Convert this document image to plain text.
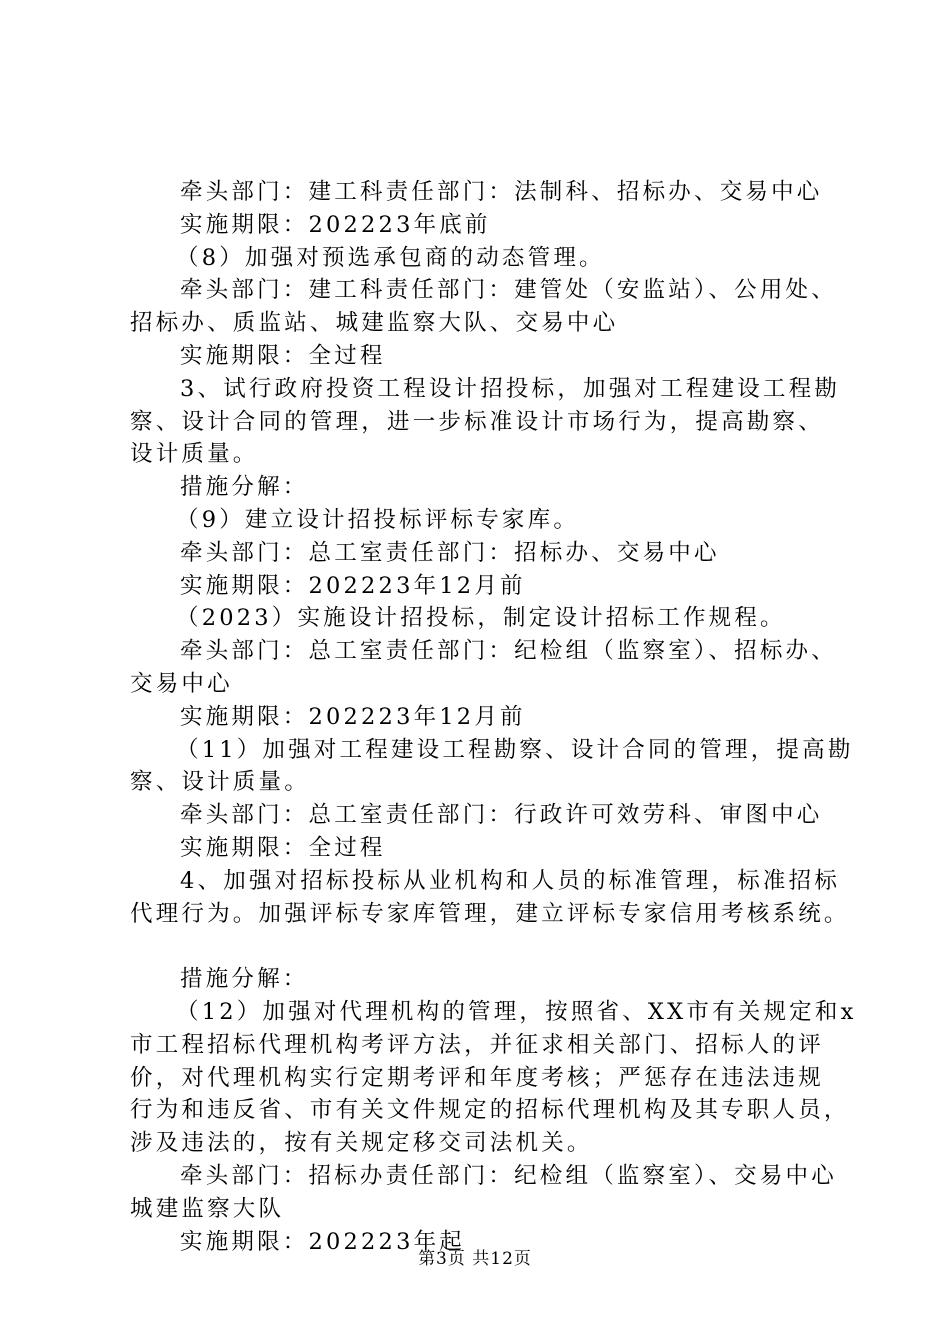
牵头部门：建工科责任部门：法制科、招标办、交易中心
实施期限：202223年底前
（8）加强对预选承包商的动态管理。
牵头部门：建工科责任部门：建管处（安监站）、公用处、
招标办、质监站、城建监察大队、交易中心
实施期限：全过程
3、试行政府投资工程设计招投标，加强对工程建设工程勘
察、设计合同的管理，进一步标准设计市场行为，提高勘察、
设计质量。
措施分解：
（9）建立设计招投标评标专家库。
牵头部门：总工室责任部门：招标办、交易中心
实施期限：202223年12月前
（2023）实施设计招投标，制定设计招标工作规程。
牵头部门：总工室责任部门：纪检组（监察室）、招标办、
交易中心
实施期限：202223年12月前
（11）加强对工程建设工程勘察、设计合同的管理，提高勘
察、设计质量。
牵头部门：总工室责任部门：行政许可效劳科、审图中心
实施期限：全过程
4、加强对招标投标从业机构和人员的标准管理，标准招标
代理行为。加强评标专家库管理，建立评标专家信用考核系统。
措施分解：
（12）加强对代理机构的管理，按照省、XX市有关规定和x
市工程招标代理机构考评方法，并征求相关部门、招标人的评
价，对代理机构实行定期考评和年度考核；严惩存在违法违规
行为和违反省、市有关文件规定的招标代理机构及其专职人员，
涉及违法的，按有关规定移交司法机关。
牵头部门：招标办责任部门：纪检组（监察室）、交易中心
城建监察大队
实施期限：202223年起
第3页 共12页
